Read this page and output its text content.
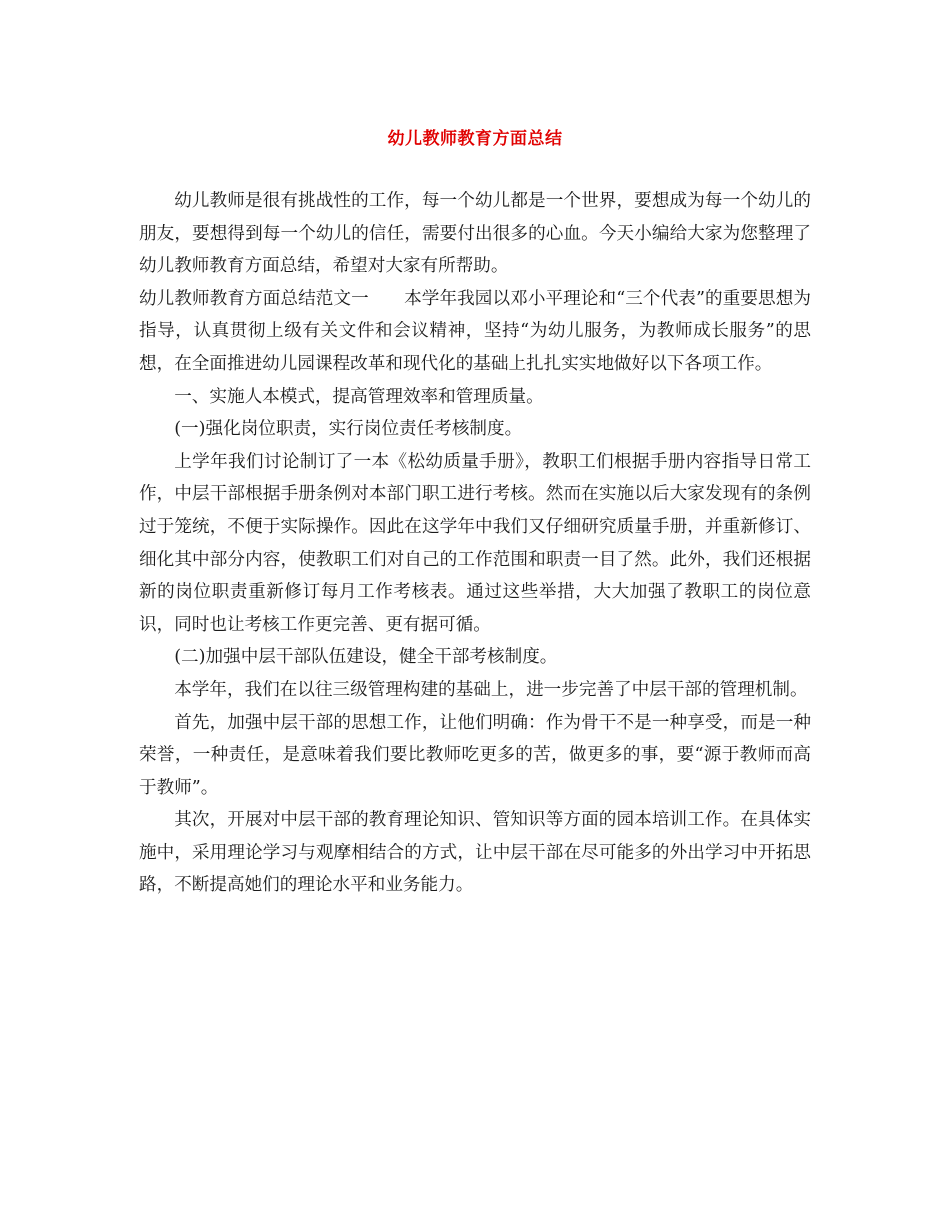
幼儿教师教育方面总结

幼儿教师是很有挑战性的工作，每一个幼儿都是一个世界，要想成为每一个幼儿的朋友，要想得到每一个幼儿的信任，需要付出很多的心血。今天小编给大家为您整理了幼儿教师教育方面总结，希望对大家有所帮助。

幼儿教师教育方面总结范文一　　本学年我园以邓小平理论和“三个代表”的重要思想为指导，认真贯彻上级有关文件和会议精神，坚持“为幼儿服务，为教师成长服务”的思想，在全面推进幼儿园课程改革和现代化的基础上扎扎实实地做好以下各项工作。

一、实施人本模式，提高管理效率和管理质量。

(一)强化岗位职责，实行岗位责任考核制度。

上学年我们讨论制订了一本《松幼质量手册》，教职工们根据手册内容指导日常工作，中层干部根据手册条例对本部门职工进行考核。然而在实施以后大家发现有的条例过于笼统，不便于实际操作。因此在这学年中我们又仔细研究质量手册，并重新修订、细化其中部分内容，使教职工们对自己的工作范围和职责一目了然。此外，我们还根据新的岗位职责重新修订每月工作考核表。通过这些举措，大大加强了教职工的岗位意识，同时也让考核工作更完善、更有据可循。

(二)加强中层干部队伍建设，健全干部考核制度。

本学年，我们在以往三级管理构建的基础上，进一步完善了中层干部的管理机制。

首先，加强中层干部的思想工作，让他们明确：作为骨干不是一种享受，而是一种荣誉，一种责任，是意味着我们要比教师吃更多的苦，做更多的事，要“源于教师而高于教师”。

其次，开展对中层干部的教育理论知识、管知识等方面的园本培训工作。在具体实施中，采用理论学习与观摩相结合的方式，让中层干部在尽可能多的外出学习中开拓思路，不断提高她们的理论水平和业务能力。
